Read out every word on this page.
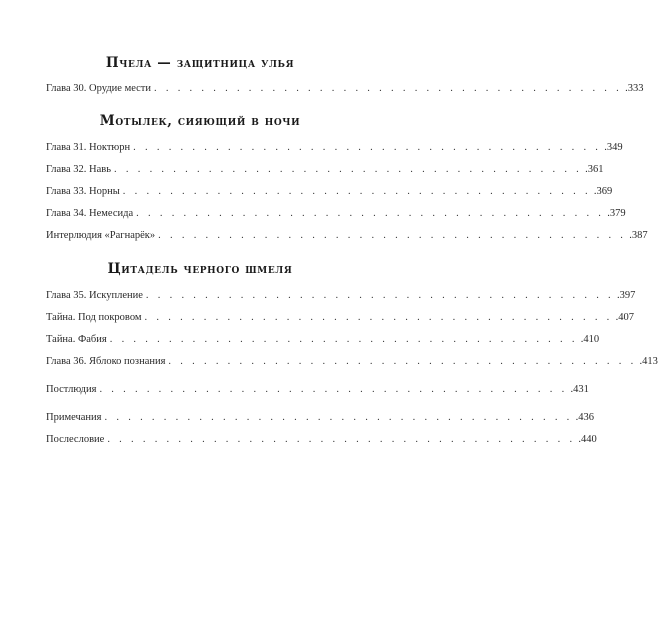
Пчела — защитница улья
Глава 30. Орудие мести . . . . . . . . . . . . . . . . . . . . . . . . . . . . . . . . . . . . . . . . .333
Мотылек, сияющий в ночи
Глава 31. Ноктюрн . . . . . . . . . . . . . . . . . . . . . . . . . . . . . . . . . . . . . . . . .349
Глава 32. Навь . . . . . . . . . . . . . . . . . . . . . . . . . . . . . . . . . . . . . . . . .361
Глава 33. Норны . . . . . . . . . . . . . . . . . . . . . . . . . . . . . . . . . . . . . . . . .369
Глава 34. Немесида . . . . . . . . . . . . . . . . . . . . . . . . . . . . . . . . . . . . . . . . .379
Интерлюдия «Рагнарёк» . . . . . . . . . . . . . . . . . . . . . . . . . . . . . . . . . . . . . . . . .387
Цитадель черного шмеля
Глава 35. Искупление . . . . . . . . . . . . . . . . . . . . . . . . . . . . . . . . . . . . . . . . .397
Тайна. Под покровом . . . . . . . . . . . . . . . . . . . . . . . . . . . . . . . . . . . . . . . . .407
Тайна. Фабия . . . . . . . . . . . . . . . . . . . . . . . . . . . . . . . . . . . . . . . . .410
Глава 36. Яблоко познания . . . . . . . . . . . . . . . . . . . . . . . . . . . . . . . . . . . . . . . . .413
Постлюдия . . . . . . . . . . . . . . . . . . . . . . . . . . . . . . . . . . . . . . . . .431
Примечания . . . . . . . . . . . . . . . . . . . . . . . . . . . . . . . . . . . . . . . . .436
Послесловие . . . . . . . . . . . . . . . . . . . . . . . . . . . . . . . . . . . . . . . . .440
